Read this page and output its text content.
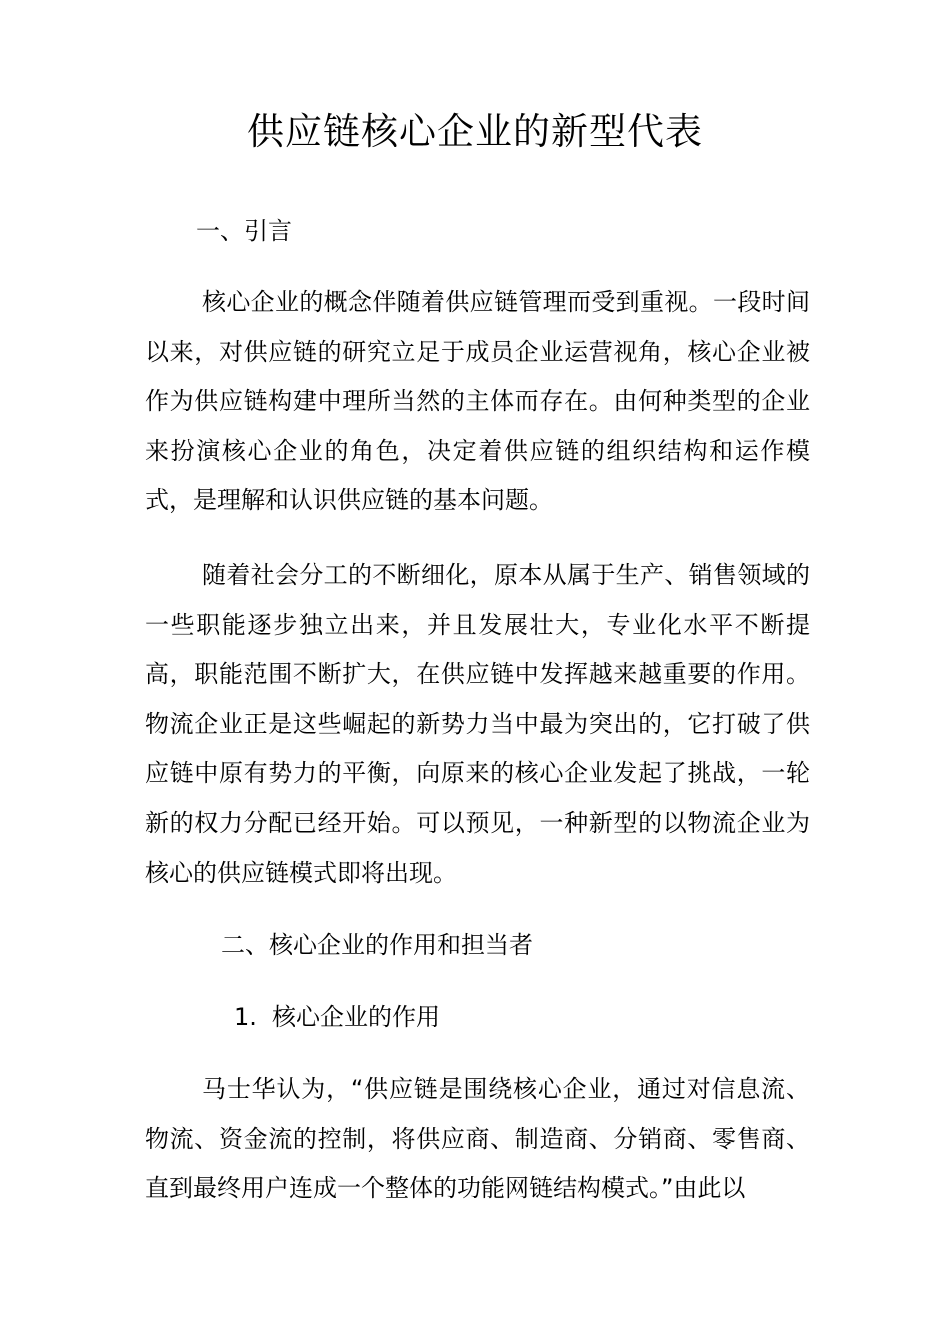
供应链核心企业的新型代表
一、引言

核心企业的概念伴随着供应链管理而受到重视。一段时间以来，对供应链的研究立足于成员企业运营视角，核心企业被作为供应链构建中理所当然的主体而存在。由何种类型的企业来扮演核心企业的角色，决定着供应链的组织结构和运作模式，是理解和认识供应链的基本问题。

随着社会分工的不断细化，原本从属于生产、销售领域的一些职能逐步独立出来，并且发展壮大，专业化水平不断提高，职能范围不断扩大，在供应链中发挥越来越重要的作用。物流企业正是这些崛起的新势力当中最为突出的，它打破了供应链中原有势力的平衡，向原来的核心企业发起了挑战，一轮新的权力分配已经开始。可以预见，一种新型的以物流企业为核心的供应链模式即将出现。

二、核心企业的作用和担当者
1. 核心企业的作用

马士华认为，“供应链是围绕核心企业，通过对信息流、物流、资金流的控制，将供应商、制造商、分销商、零售商、直到最终用户连成一个整体的功能网链结构模式。”由此以
